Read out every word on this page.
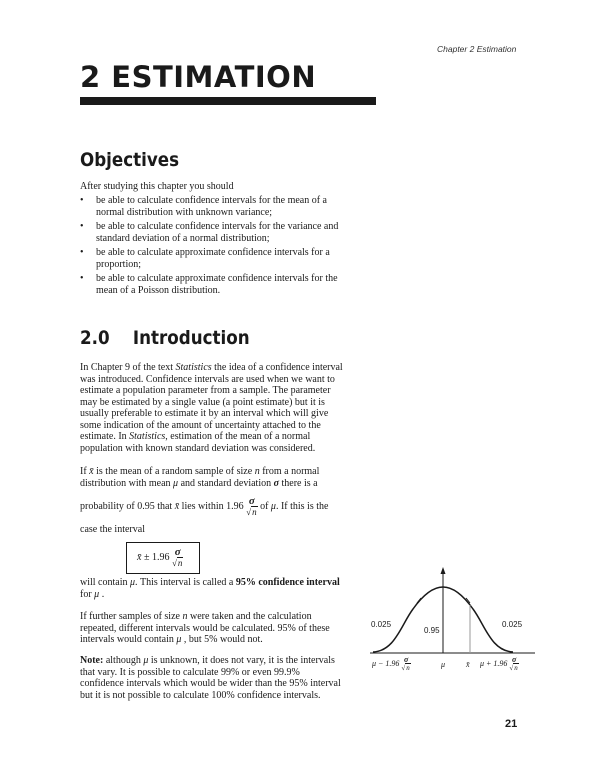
Chapter 2 Estimation
2 ESTIMATION
Objectives
After studying this chapter you should
• be able to calculate confidence intervals for the mean of a
normal distribution with unknown variance;
• be able to calculate confidence intervals for the variance and
standard deviation of a normal distribution;
• be able to calculate approximate confidence intervals for a
proportion;
• be able to calculate approximate confidence intervals for the
mean of a Poisson distribution.
2.0    Introduction

In Chapter 9 of the text Statistics the idea of a confidence interval
was introduced. Confidence intervals are used when we want to
estimate a population parameter from a sample. The parameter
may be estimated by a single value (a point estimate) but it is
usually preferable to estimate it by an interval which will give
some indication of the amount of uncertainty attached to the
estimate. In Statistics, estimation of the mean of a normal
population with known standard deviation was considered.

If x̄ is the mean of a random sample of size n from a normal
distribution with mean μ and standard deviation σ there is a

probability of 0.95 that x̄ lies within 1.96 σ
√n
of μ. If this is the

case the interval

x̄ ± 1.96 σ
√n

will contain μ. This interval is called a 95% confidence interval
for μ .

If further samples of size n were taken and the calculation
repeated, different intervals would be calculated. 95% of these
intervals would contain μ , but 5% would not.

Note: although μ is unknown, it does not vary, it is the intervals
that vary. It is possible to calculate 99% or even 99.9%
confidence intervals which would be wider than the 95% interval
but it is not possible to calculate 100% confidence intervals.

0.025	0.025
0.95
μ − 1.96 σ
√n	μ	x̄ μ + 1.96 σ
√n
21
